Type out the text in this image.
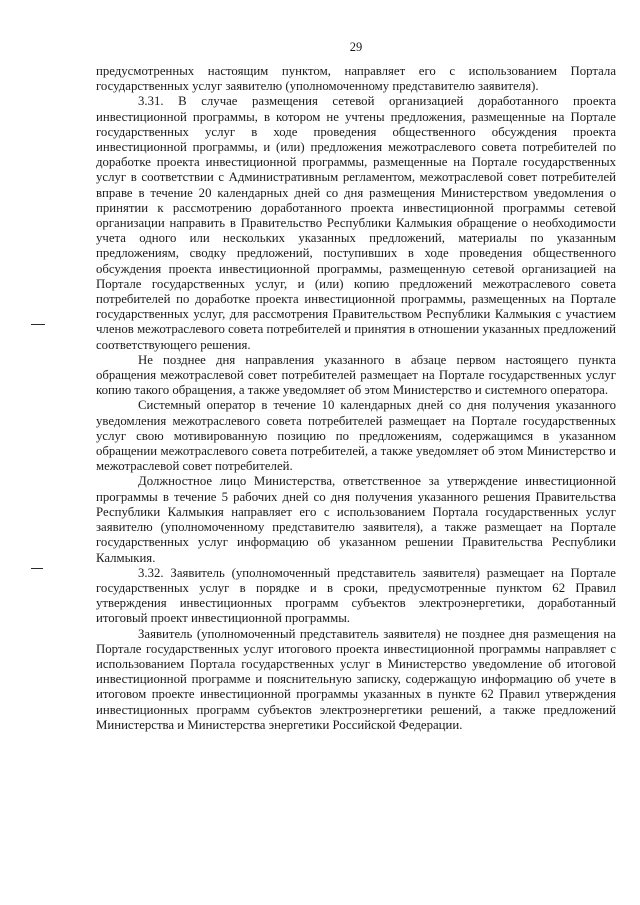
29

предусмотренных настоящим пунктом, направляет его с использованием Портала государственных услуг заявителю (уполномоченному представителю заявителя).

3.31. В случае размещения сетевой организацией доработанного проекта инвестиционной программы, в котором не учтены предложения, размещенные на Портале государственных услуг в ходе проведения общественного обсуждения проекта инвестиционной программы, и (или) предложения межотраслевого совета потребителей по доработке проекта инвестиционной программы, размещенные на Портале государственных услуг в соответствии с Административным регламентом, межотраслевой совет потребителей вправе в течение 20 календарных дней со дня размещения Министерством уведомления о принятии к рассмотрению доработанного проекта инвестиционной программы сетевой организации направить в Правительство Республики Калмыкия обращение о необходимости учета одного или нескольких указанных предложений, материалы по указанным предложениям, сводку предложений, поступивших в ходе проведения общественного обсуждения проекта инвестиционной программы, размещенную сетевой организацией на Портале государственных услуг, и (или) копию предложений межотраслевого совета потребителей по доработке проекта инвестиционной программы, размещенных на Портале государственных услуг, для рассмотрения Правительством Республики Калмыкия с участием членов межотраслевого совета потребителей и принятия в отношении указанных предложений соответствующего решения.

Не позднее дня направления указанного в абзаце первом настоящего пункта обращения межотраслевой совет потребителей размещает на Портале государственных услуг копию такого обращения, а также уведомляет об этом Министерство и системного оператора.

Системный оператор в течение 10 календарных дней со дня получения указанного уведомления межотраслевого совета потребителей размещает на Портале государственных услуг свою мотивированную позицию по предложениям, содержащимся в указанном обращении межотраслевого совета потребителей, а также уведомляет об этом Министерство и межотраслевой совет потребителей.

Должностное лицо Министерства, ответственное за утверждение инвестиционной программы в течение 5 рабочих дней со дня получения указанного решения Правительства Республики Калмыкия направляет его с использованием Портала государственных услуг заявителю (уполномоченному представителю заявителя), а также размещает на Портале государственных услуг информацию об указанном решении Правительства Республики Калмыкия.

3.32. Заявитель (уполномоченный представитель заявителя) размещает на Портале государственных услуг в порядке и в сроки, предусмотренные пунктом 62 Правил утверждения инвестиционных программ субъектов электроэнергетики, доработанный итоговый проект инвестиционной программы.

Заявитель (уполномоченный представитель заявителя) не позднее дня размещения на Портале государственных услуг итогового проекта инвестиционной программы направляет с использованием Портала государственных услуг в Министерство уведомление об итоговой инвестиционной программе и пояснительную записку, содержащую информацию об учете в итоговом проекте инвестиционной программы указанных в пункте 62 Правил утверждения инвестиционных программ субъектов электроэнергетики решений, а также предложений Министерства и Министерства энергетики Российской Федерации.
